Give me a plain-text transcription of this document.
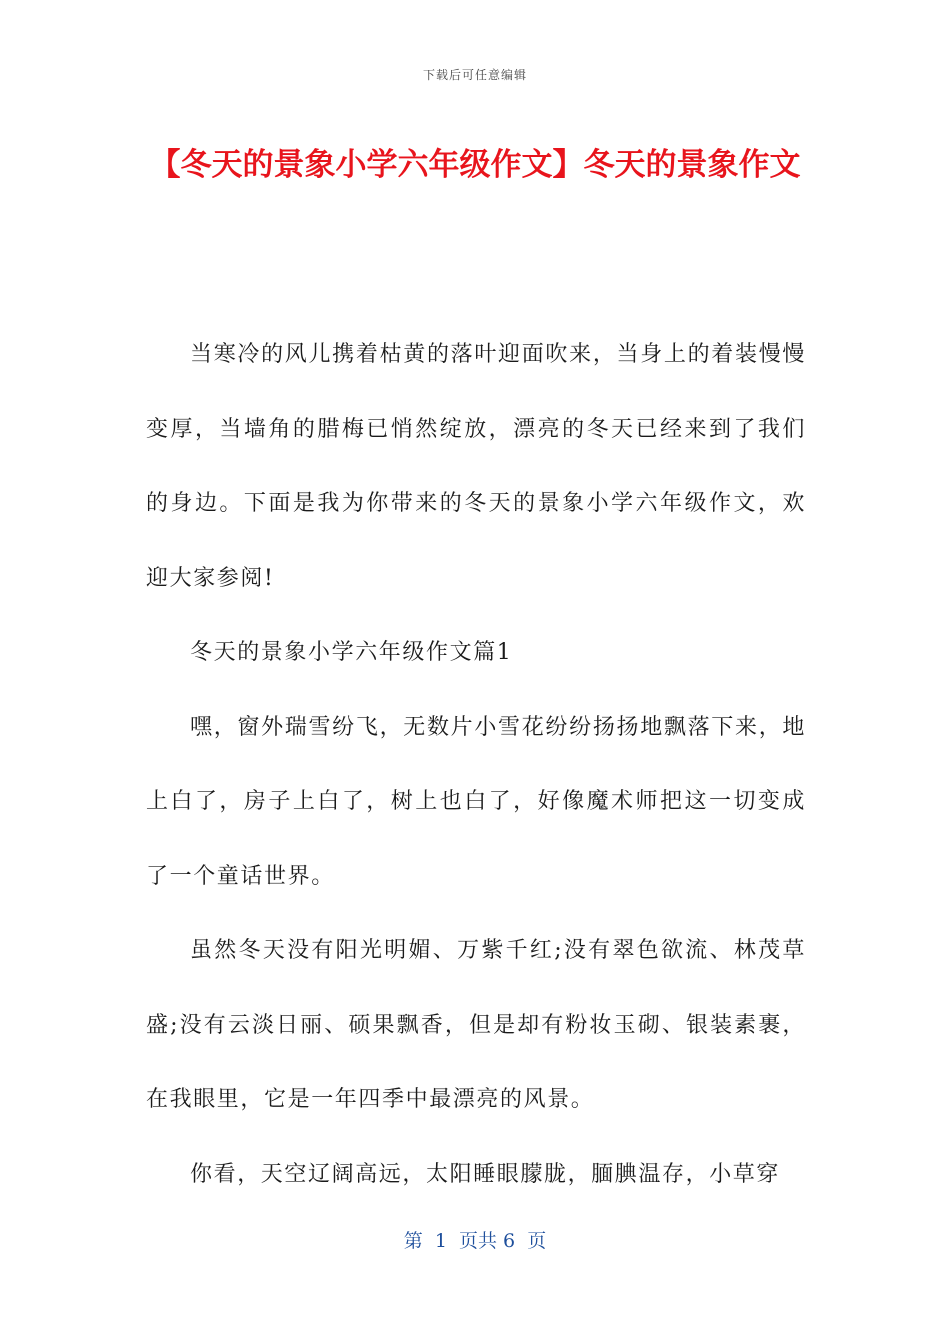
下载后可任意编辑
【冬天的景象小学六年级作文】冬天的景象作文

当寒冷的风儿携着枯黄的落叶迎面吹来，当身上的着装慢慢变厚，当墙角的腊梅已悄然绽放，漂亮的冬天已经来到了我们的身边。下面是我为你带来的冬天的景象小学六年级作文，欢迎大家参阅!

冬天的景象小学六年级作文篇1

嘿，窗外瑞雪纷飞，无数片小雪花纷纷扬扬地飘落下来，地上白了，房子上白了，树上也白了，好像魔术师把这一切变成了一个童话世界。

虽然冬天没有阳光明媚、万紫千红;没有翠色欲流、林茂草盛;没有云淡日丽、硕果飘香，但是却有粉妆玉砌、银装素裹，在我眼里，它是一年四季中最漂亮的风景。

你看，天空辽阔高远，太阳睡眼朦胧，腼腆温存，小草穿

第  1  页共 6  页
